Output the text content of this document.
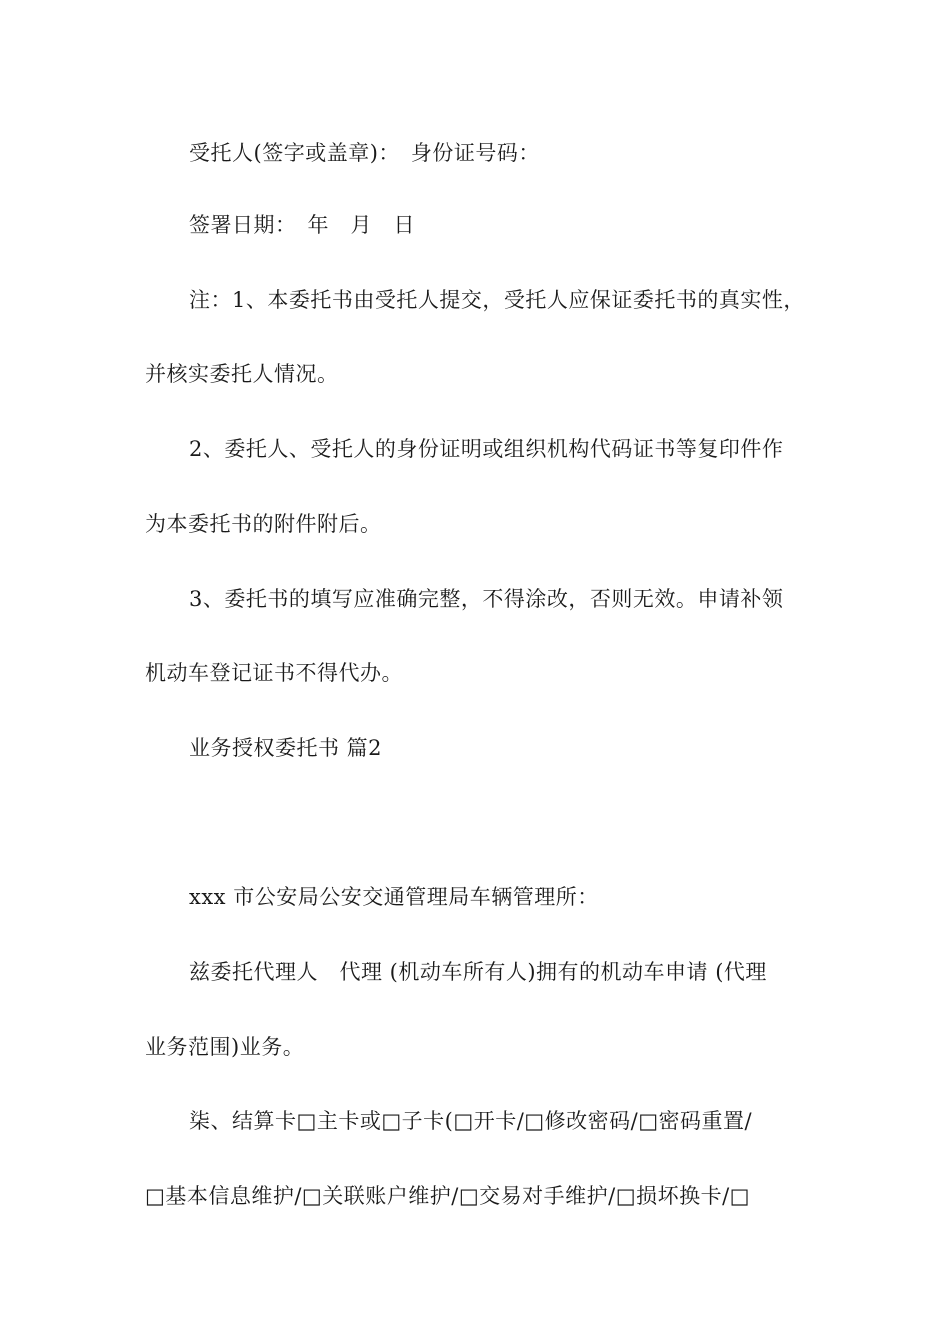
受托人(签字或盖章)：　身份证号码：
签署日期：　年　月　日
注：1、本委托书由受托人提交，受托人应保证委托书的真实性，
并核实委托人情况。
2、委托人、受托人的身份证明或组织机构代码证书等复印件作
为本委托书的附件附后。
3、委托书的填写应准确完整，不得涂改，否则无效。申请补领
机动车登记证书不得代办。
业务授权委托书 篇2
xxx 市公安局公安交通管理局车辆管理所：
兹委托代理人　代理 (机动车所有人)拥有的机动车申请 (代理
业务范围)业务。
柒、结算卡□主卡或□子卡(□开卡/□修改密码/□密码重置/
□基本信息维护/□关联账户维护/□交易对手维护/□损坏换卡/□
